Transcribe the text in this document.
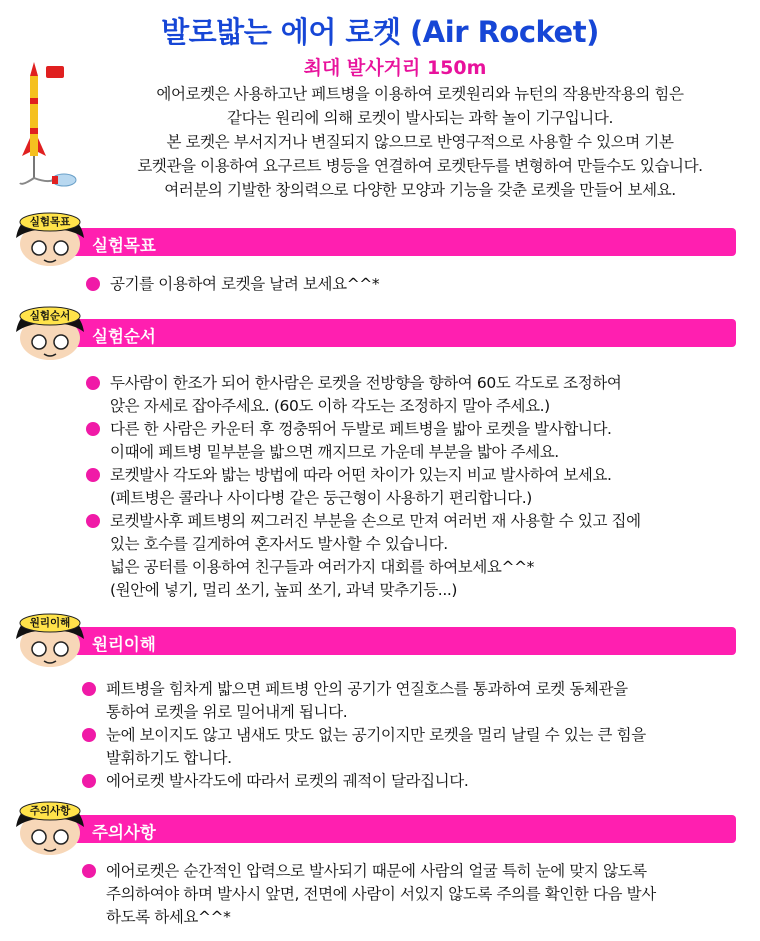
발로밟는 에어 로켓 (Air Rocket)
최대 발사거리 150m

에어로켓은 사용하고난 페트병을 이용하여 로켓원리와 뉴턴의 작용반작용의 힘은

같다는 원리에 의해 로켓이 발사되는 과학 놀이 기구입니다.

본 로켓은 부서지거나 변질되지 않으므로 반영구적으로 사용할 수 있으며 기본

로켓관을 이용하여 요구르트 병등을 연결하여 로켓탄두를 변형하여 만들수도 있습니다.

여러분의 기발한 창의력으로 다양한 모양과 기능을 갖춘 로켓을 만들어 보세요.

실험목표
실험목표

공기를 이용하여 로켓을 날려 보세요^^*

실험순서
실험순서

두사람이 한조가 되어 한사람은 로켓을 전방향을 향하여 60도 각도로 조정하여

앉은 자세로 잡아주세요. (60도 이하 각도는 조정하지 말아 주세요.)

다른 한 사람은 카운터 후 껑충뛰어 두발로 페트병을 밟아 로켓을 발사합니다.

이때에 페트병 밑부분을 밟으면 깨지므로 가운데 부분을 밟아 주세요.

로켓발사 각도와 밟는 방법에 따라 어떤 차이가 있는지 비교 발사하여 보세요.

(페트병은 콜라나 사이다병 같은 둥근형이 사용하기 편리합니다.)

로켓발사후 페트병의 찌그러진 부분을 손으로 만져 여러번 재 사용할 수 있고 집에

있는 호수를 길게하여 혼자서도 발사할 수 있습니다.

넓은 공터를 이용하여 친구들과 여러가지 대회를 하여보세요^^*

(원안에 넣기, 멀리 쏘기, 높피 쏘기, 과녁 맞추기등...)

원리이해
원리이해

페트병을 힘차게 밟으면 페트병 안의 공기가 연질호스를 통과하여 로켓 동체관을

통하여 로켓을 위로 밀어내게 됩니다.

눈에 보이지도 않고 냄새도 맛도 없는 공기이지만 로켓을 멀리 날릴 수 있는 큰 힘을

발휘하기도 합니다.

에어로켓 발사각도에 따라서 로켓의 궤적이 달라집니다.

주의사항
주의사항

에어로켓은 순간적인 압력으로 발사되기 때문에 사람의 얼굴 특히 눈에 맞지 않도록

주의하여야 하며 발사시 앞면, 전면에 사람이 서있지 않도록 주의를 확인한 다음 발사

하도록 하세요^^*
